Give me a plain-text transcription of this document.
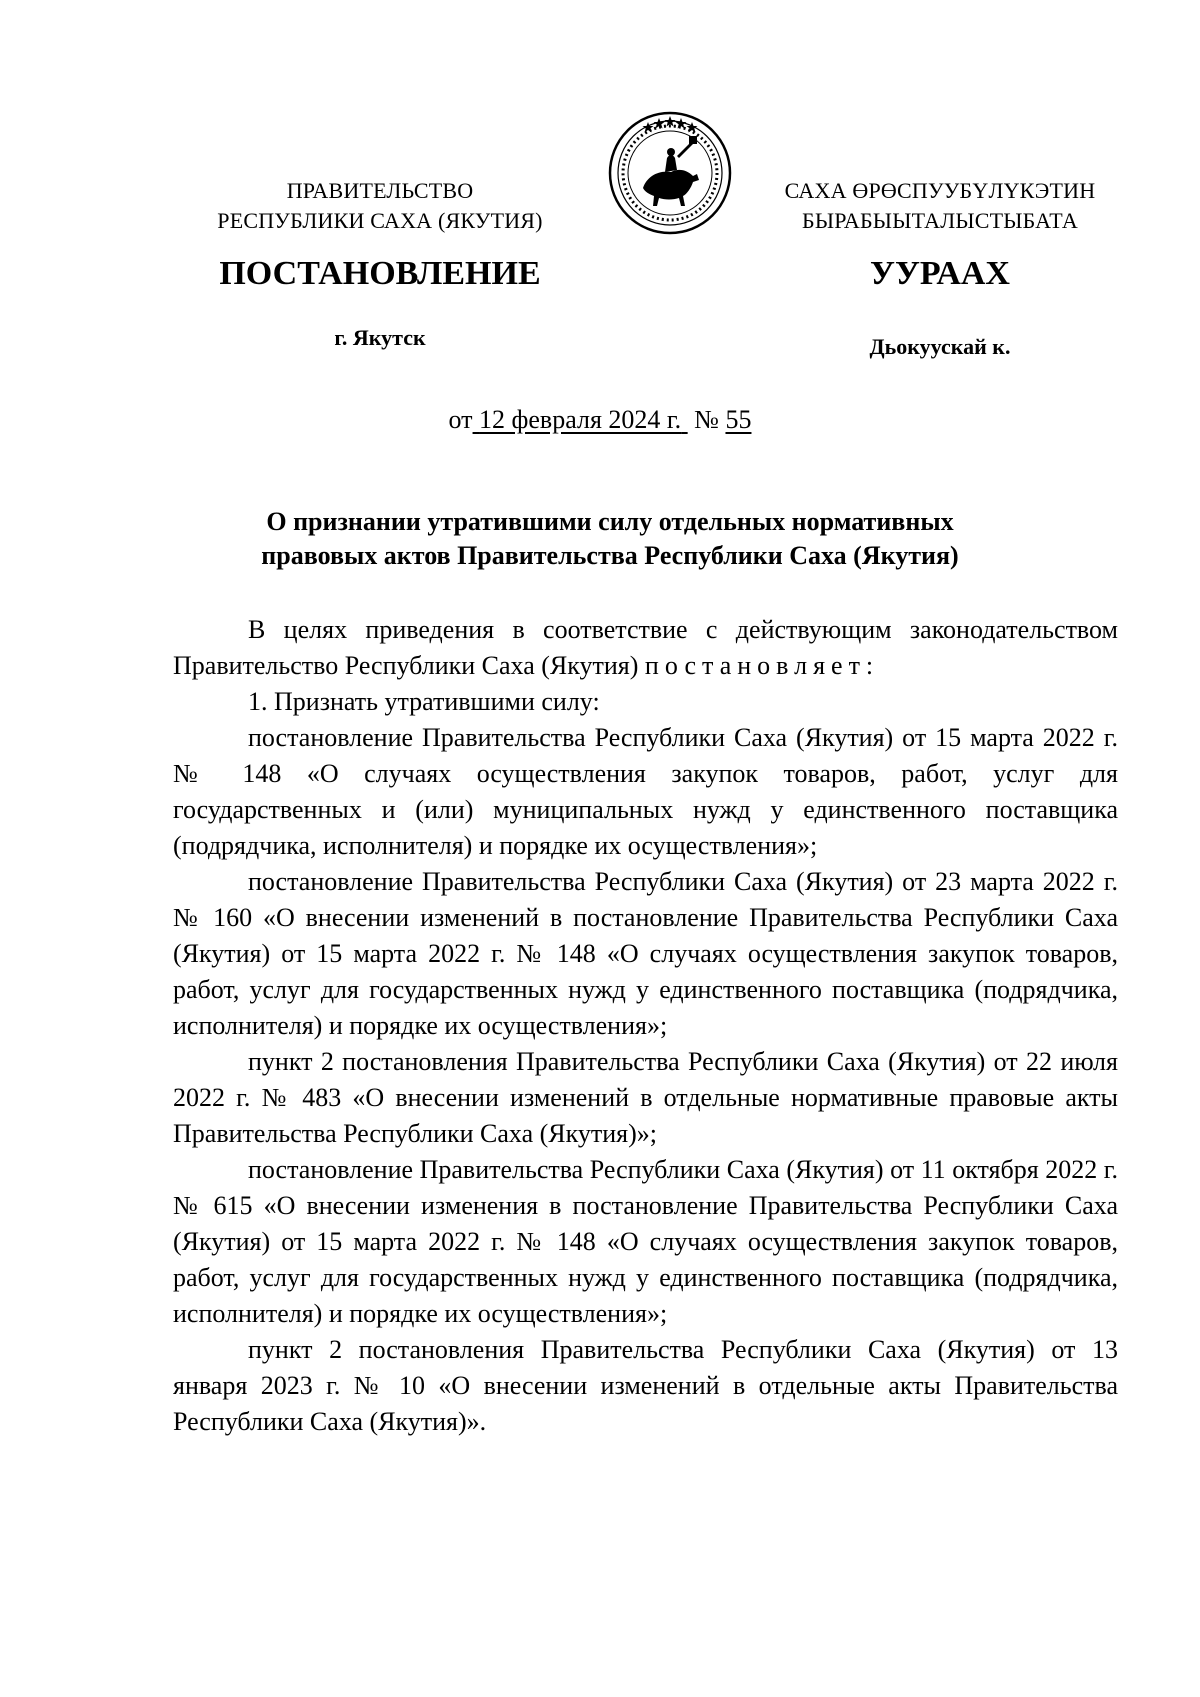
ПРАВИТЕЛЬСТВО
РЕСПУБЛИКИ САХА (ЯКУТИЯ)
САХА ӨРӨСПУУБҮЛҮКЭТИН
БЫРАБЫЫТАЛЫСТЫБАТА
ПОСТАНОВЛЕНИЕ	УУРААХ
г. Якутск	Дьокуускай к.
от 12 февраля 2024 г. № 55
О признании утратившими силу отдельных нормативных
правовых актов Правительства Республики Саха (Якутия)

В целях приведения в соответствие с действующим законодательством Правительство Республики Саха (Якутия) постановляет:

1. Признать утратившими силу:

постановление Правительства Республики Саха (Якутия) от 15 марта 2022 г. № 148 «О случаях осуществления закупок товаров, работ, услуг для государственных и (или) муниципальных нужд у единственного поставщика (подрядчика, исполнителя) и порядке их осуществления»;

постановление Правительства Республики Саха (Якутия) от 23 марта 2022 г. № 160 «О внесении изменений в постановление Правительства Республики Саха (Якутия) от 15 марта 2022 г. № 148 «О случаях осуществления закупок товаров, работ, услуг для государственных нужд у единственного поставщика (подрядчика, исполнителя) и порядке их осуществления»;

пункт 2 постановления Правительства Республики Саха (Якутия) от 22 июля 2022 г. № 483 «О внесении изменений в отдельные нормативные правовые акты Правительства Республики Саха (Якутия)»;

постановление Правительства Республики Саха (Якутия) от 11 октября 2022 г. № 615 «О внесении изменения в постановление Правительства Республики Саха (Якутия) от 15 марта 2022 г. № 148 «О случаях осуществления закупок товаров, работ, услуг для государственных нужд у единственного поставщика (подрядчика, исполнителя) и порядке их осуществления»;

пункт 2 постановления Правительства Республики Саха (Якутия) от 13 января 2023 г. № 10 «О внесении изменений в отдельные акты Правительства Республики Саха (Якутия)».
